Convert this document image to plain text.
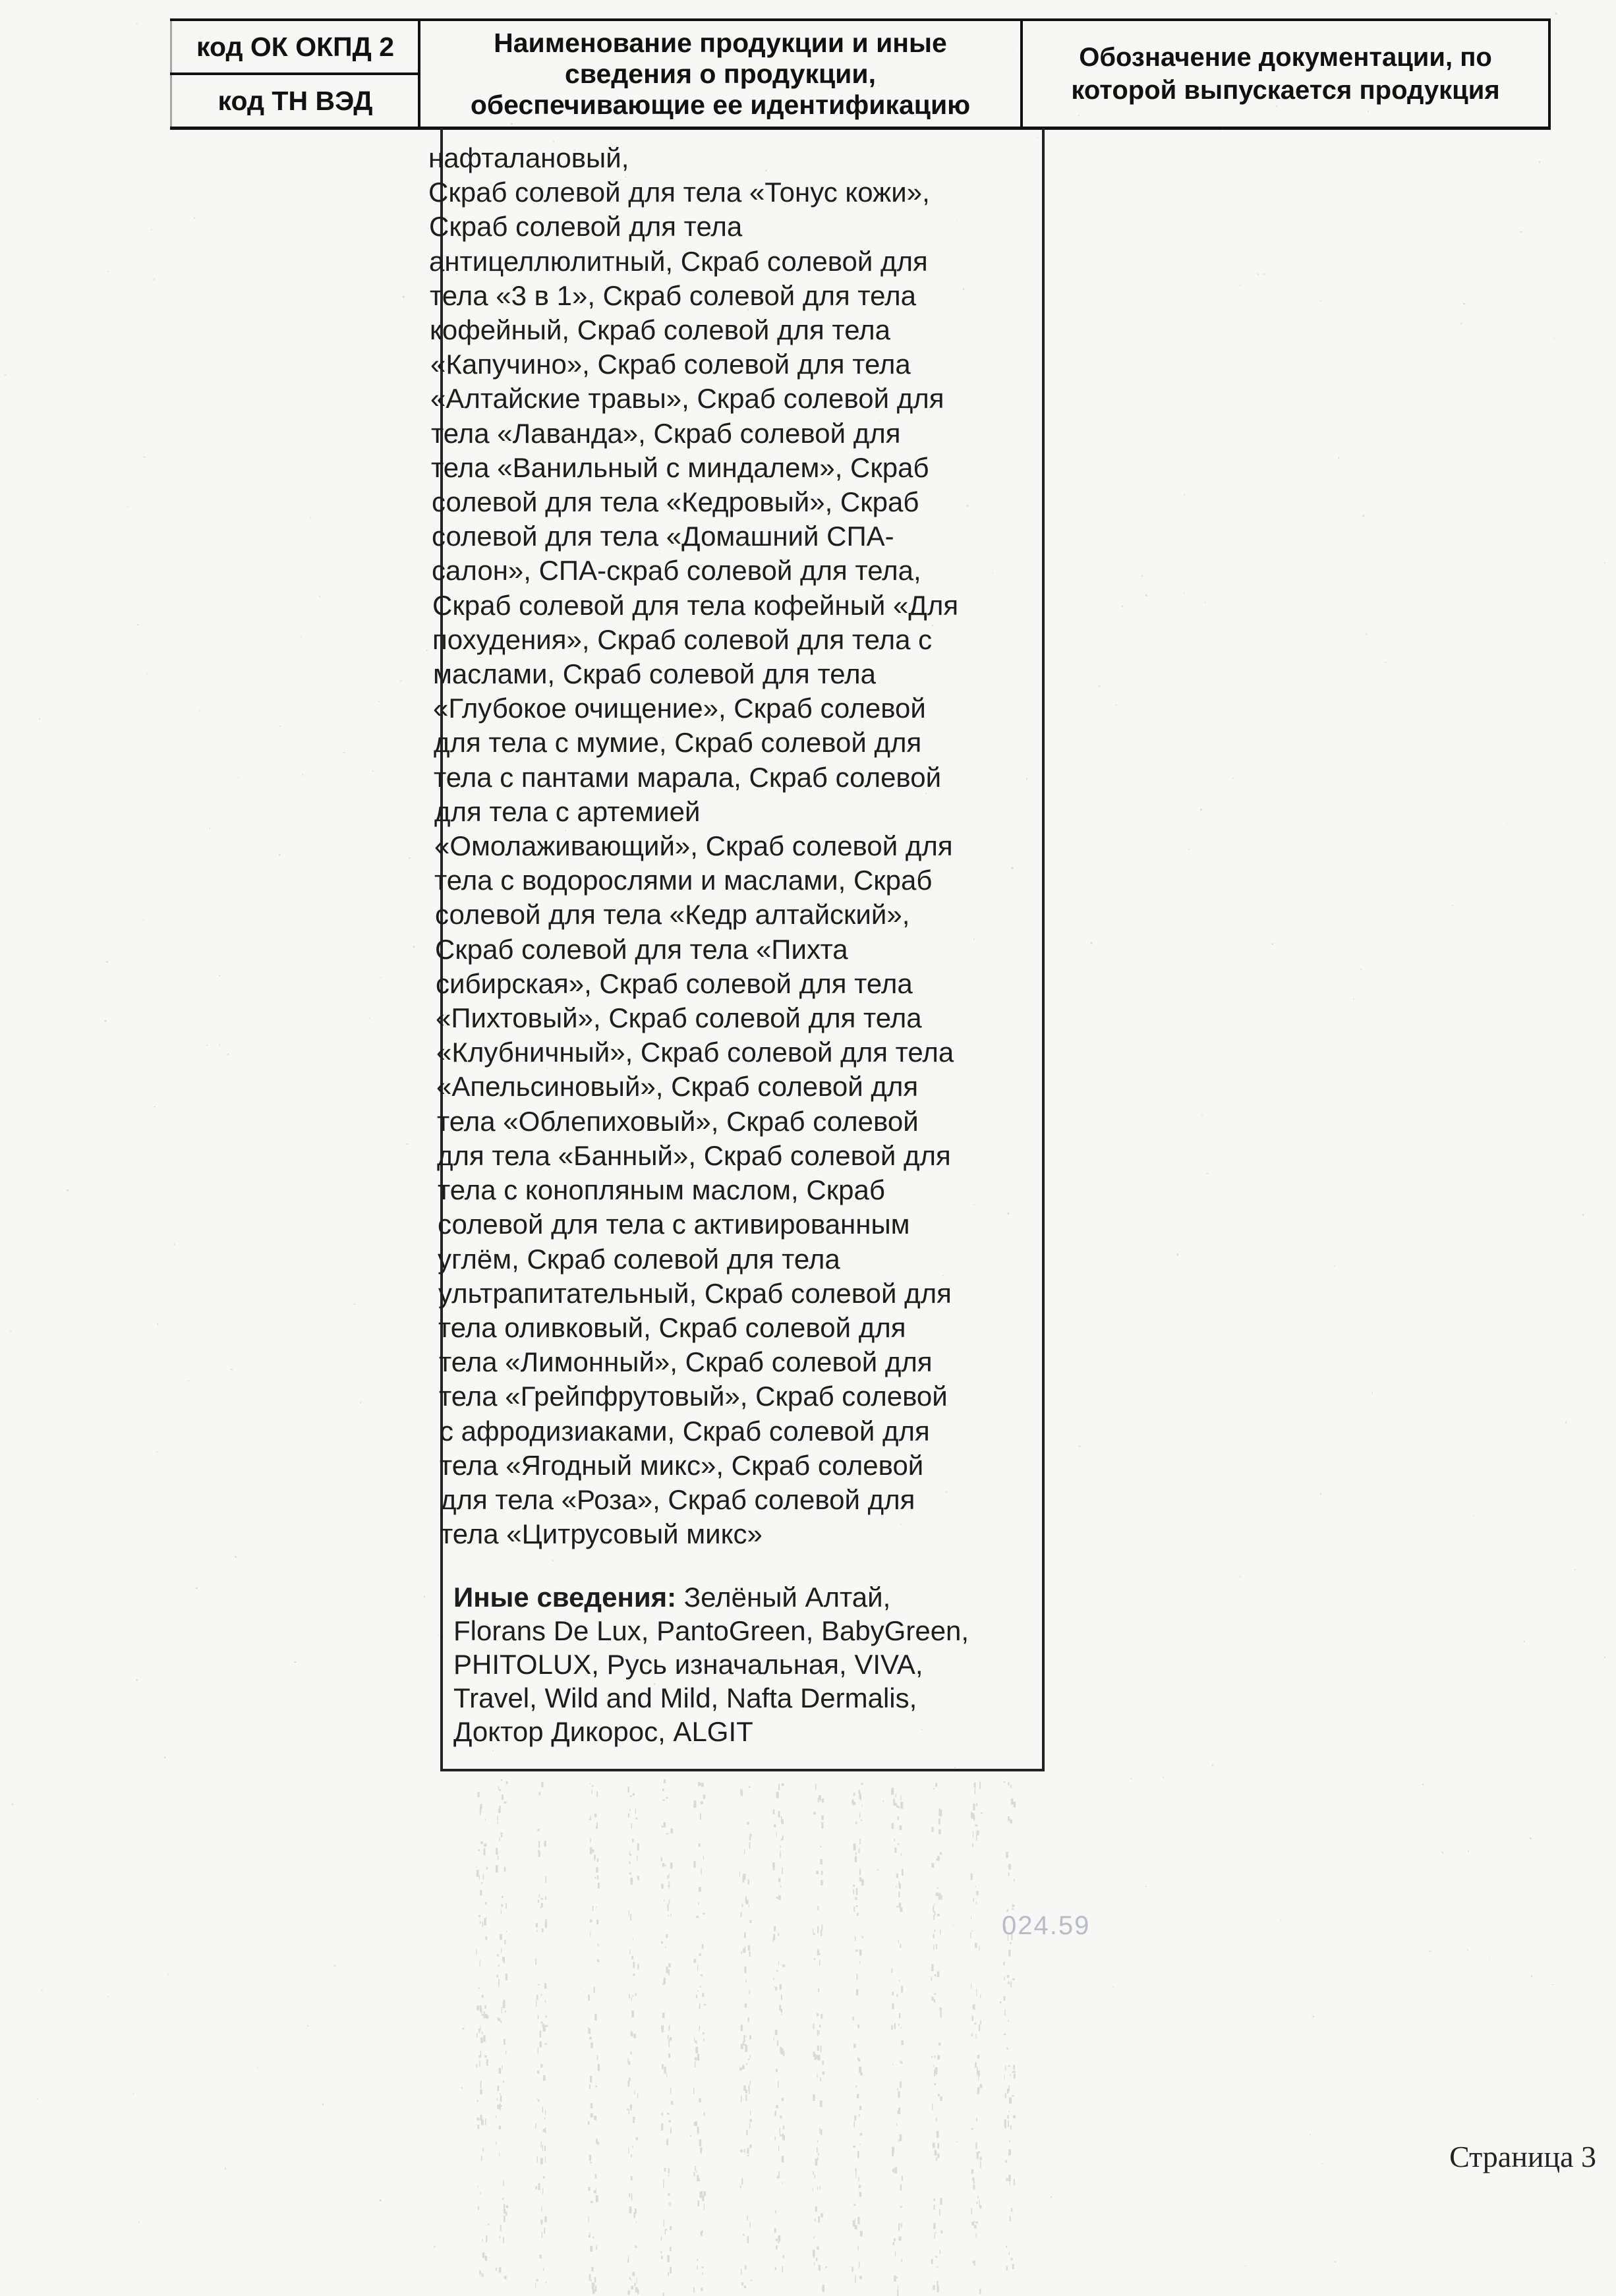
код ОК ОКПД 2
код ТН ВЭД
Наименование продукции и иные
сведения о продукции,
обеспечивающие ее идентификацию
Обозначение документации, по
которой выпускается продукция
нафталановый,
Скраб солевой для тела «Тонус кожи»,
Скраб солевой для тела
антицеллюлитный, Скраб солевой для
тела «3 в 1», Скраб солевой для тела
кофейный, Скраб солевой для тела
«Капучино», Скраб солевой для тела
«Алтайские травы», Скраб солевой для
тела «Лаванда», Скраб солевой для
тела «Ванильный с миндалем», Скраб
солевой для тела «Кедровый», Скраб
солевой для тела «Домашний СПА-
салон», СПА-скраб солевой для тела,
Скраб солевой для тела кофейный «Для
похудения», Скраб солевой для тела с
маслами, Скраб солевой для тела
«Глубокое очищение», Скраб солевой
для тела с мумие, Скраб солевой для
тела с пантами марала, Скраб солевой
для тела с артемией
«Омолаживающий», Скраб солевой для
тела с водорослями и маслами, Скраб
солевой для тела «Кедр алтайский»,
Скраб солевой для тела «Пихта
сибирская», Скраб солевой для тела
«Пихтовый», Скраб солевой для тела
«Клубничный», Скраб солевой для тела
«Апельсиновый», Скраб солевой для
тела «Облепиховый», Скраб солевой
для тела «Банный», Скраб солевой для
тела с конопляным маслом, Скраб
солевой для тела с активированным
углём, Скраб солевой для тела
ультрапитательный, Скраб солевой для
тела оливковый, Скраб солевой для
тела «Лимонный», Скраб солевой для
тела «Грейпфрутовый», Скраб солевой
с афродизиаками, Скраб солевой для
тела «Ягодный микс», Скраб солевой
для тела «Роза», Скраб солевой для
тела «Цитрусовый микс»
Иные сведения: Зелёный Алтай,
Florans De Lux, PantoGreen, BabyGreen,
PHITOLUX, Русь изначальная, VIVA,
Travel, Wild and Mild, Nafta Dermalis,
Доктор Дикорос, ALGIT
024.59
Страница 3
